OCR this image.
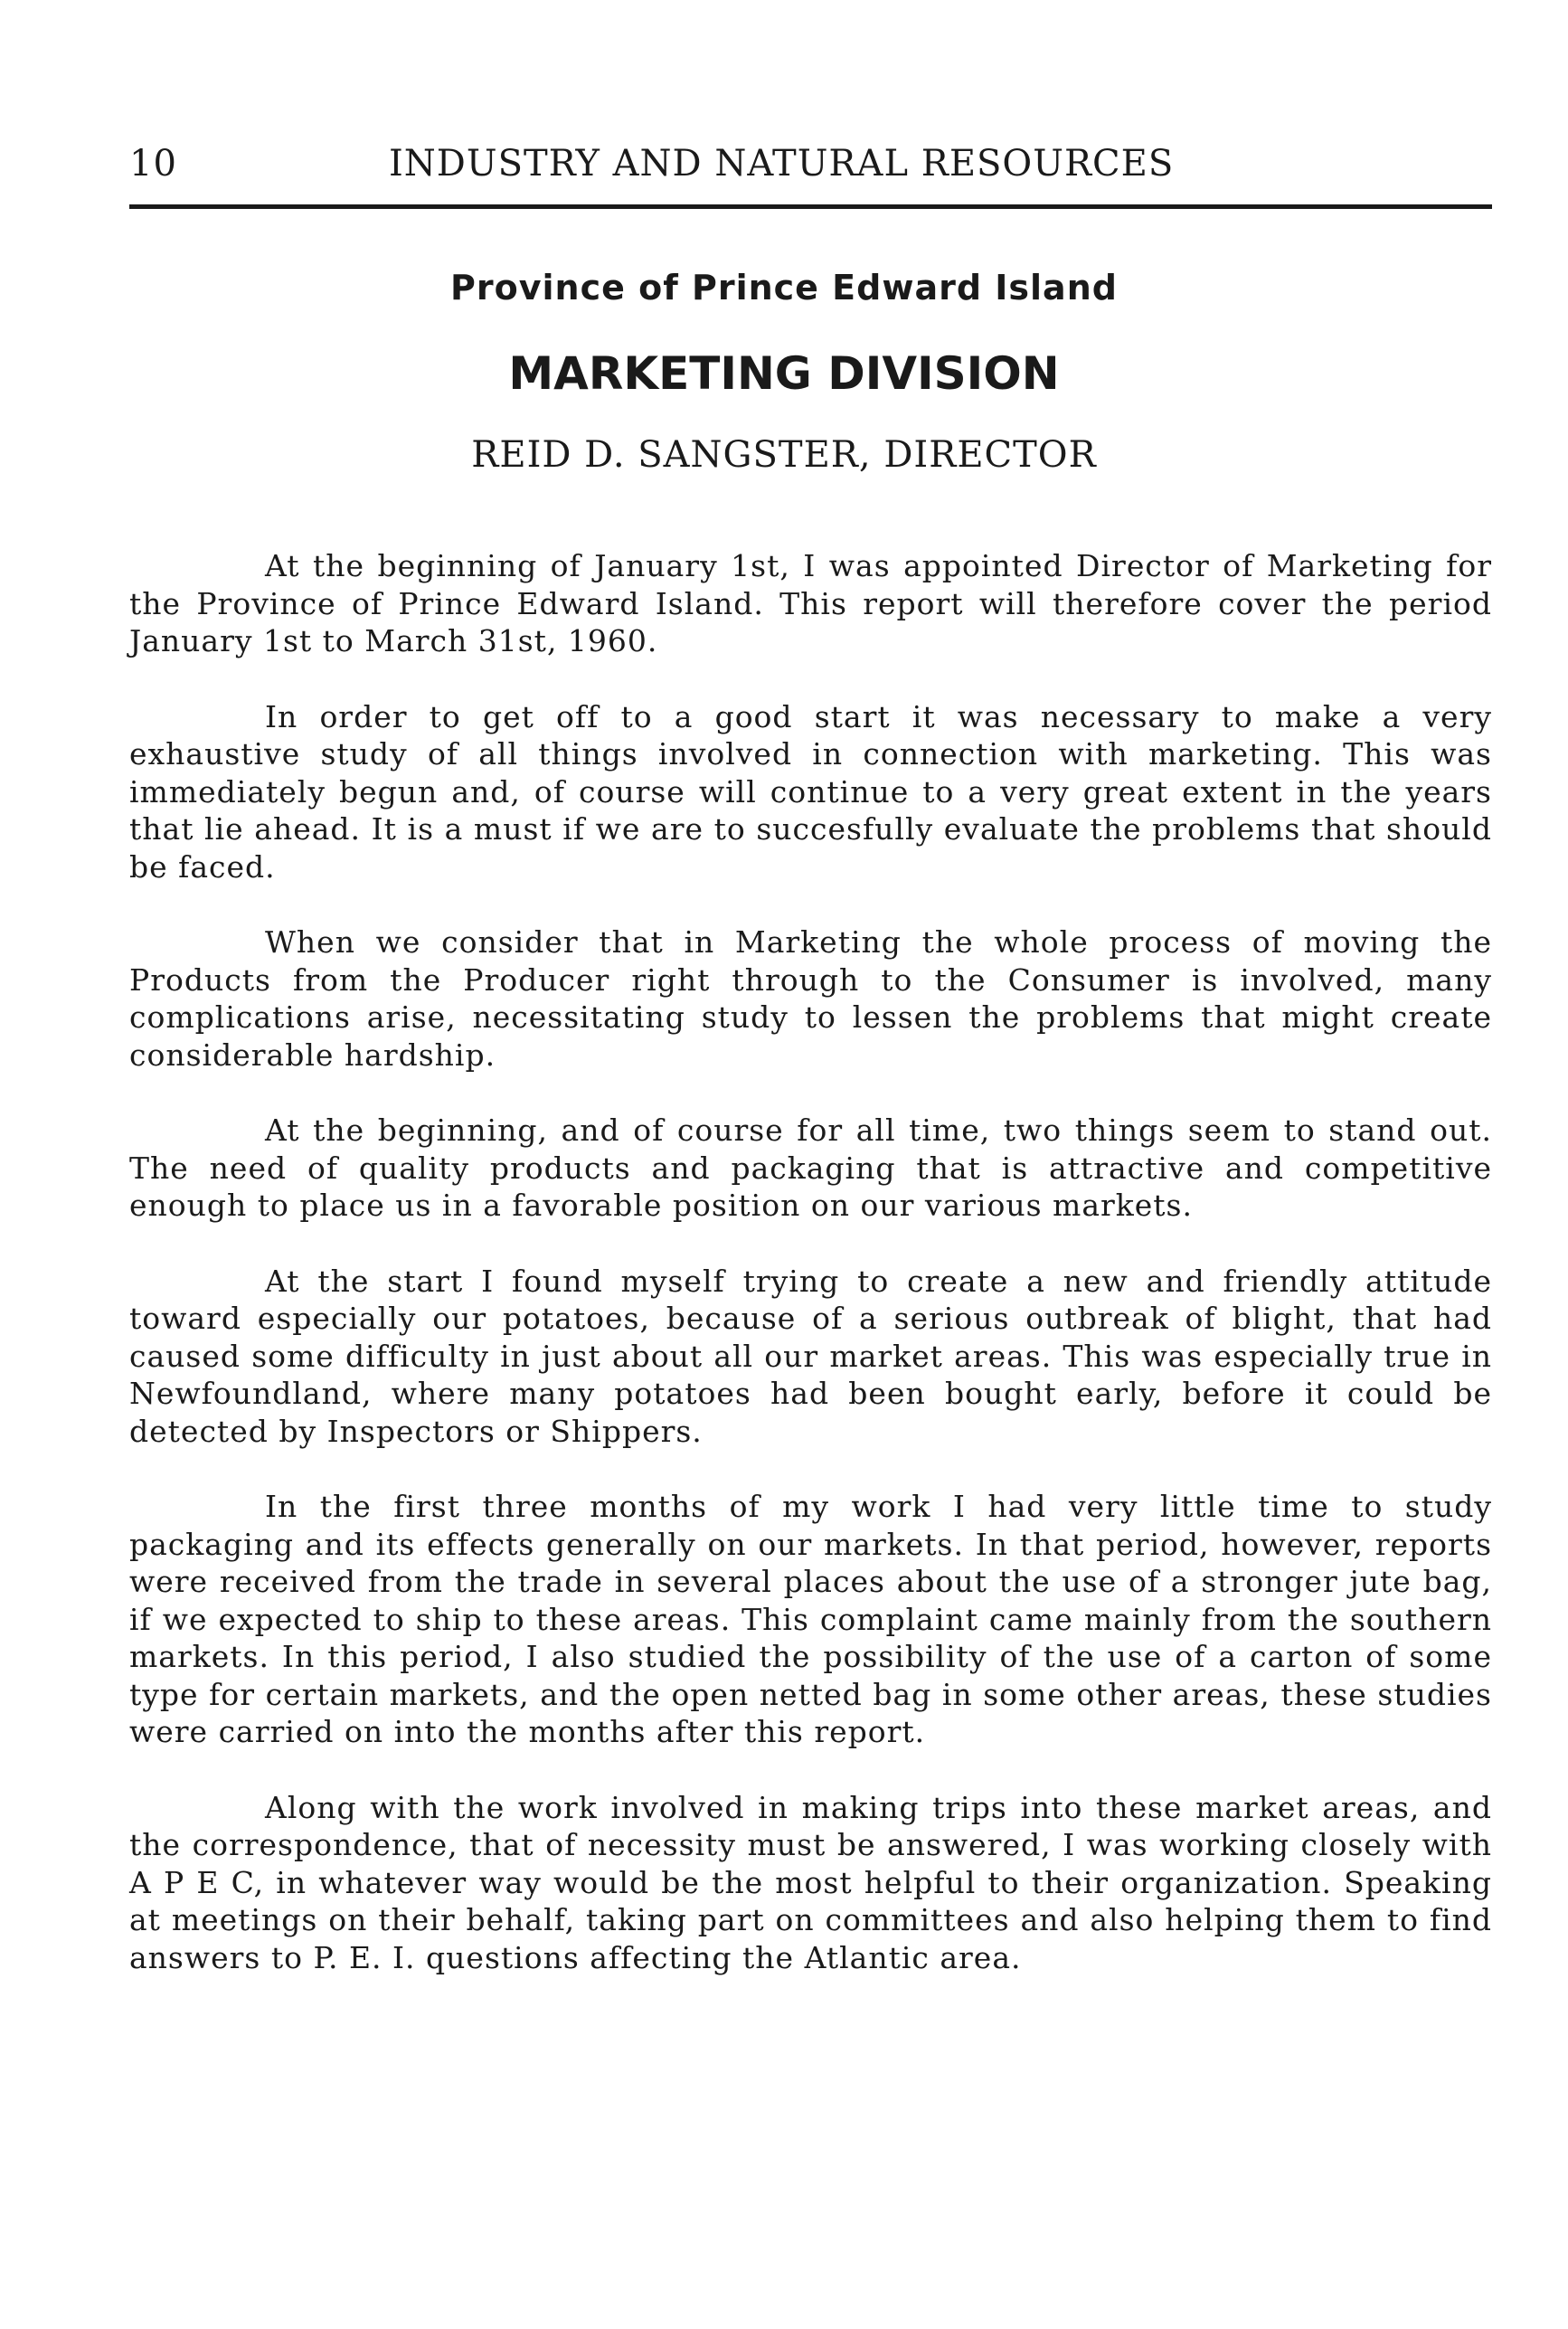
10	INDUSTRY AND NATURAL RESOURCES
Province of Prince Edward Island
MARKETING DIVISION
REID D. SANGSTER, DIRECTOR

At the beginning of January 1st, I was appointed Director of Marketing for the Province of Prince Edward Island. This report will therefore cover the period January 1st to March 31st, 1960.

In order to get off to a good start it was necessary to make a very exhaustive study of all things involved in connection with marketing. This was immediately begun and, of course will continue to a very great extent in the years that lie ahead. It is a must if we are to succesfully evaluate the problems that should be faced.

When we consider that in Marketing the whole process of moving the Products from the Producer right through to the Consumer is involved, many complications arise, necessitating study to lessen the problems that might create considerable hardship.

At the beginning, and of course for all time, two things seem to stand out. The need of quality products and packaging that is attractive and competitive enough to place us in a favorable position on our various markets.

At the start I found myself trying to create a new and friendly attitude toward especially our potatoes, because of a serious outbreak of blight, that had caused some difficulty in just about all our market areas. This was especially true in Newfoundland, where many potatoes had been bought early, before it could be detected by Inspectors or Shippers.

In the first three months of my work I had very little time to study packaging and its effects generally on our markets. In that period, however, reports were received from the trade in several places about the use of a stronger jute bag, if we expected to ship to these areas. This complaint came mainly from the southern markets. In this period, I also studied the possibility of the use of a carton of some type for certain markets, and the open netted bag in some other areas, these studies were carried on into the months after this report.

Along with the work involved in making trips into these market areas, and the correspondence, that of necessity must be answered, I was working closely with A P E C, in whatever way would be the most helpful to their organization. Speaking at meetings on their behalf, taking part on committees and also helping them to find answers to P. E. I. questions affecting the Atlantic area.
